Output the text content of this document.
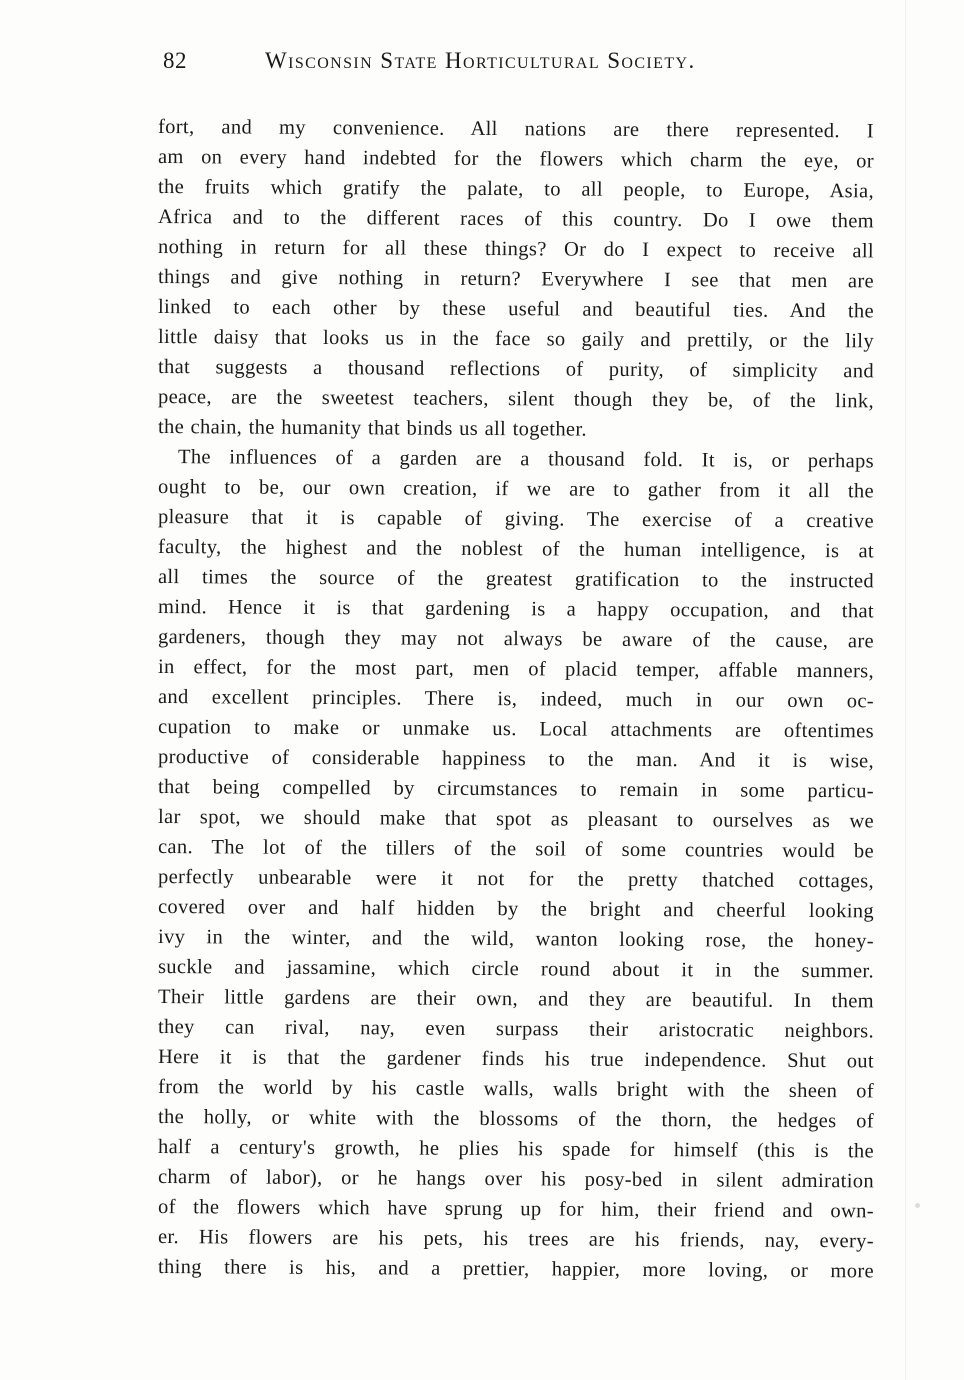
82	Wisconsin State Horticultural Society.
fort, and my convenience. All nations are there represented. I
am on every hand indebted for the flowers which charm the eye, or
the fruits which gratify the palate, to all people, to Europe, Asia,
Africa and to the different races of this country. Do I owe them
nothing in return for all these things? Or do I expect to receive all
things and give nothing in return? Everywhere I see that men are
linked to each other by these useful and beautiful ties. And the
little daisy that looks us in the face so gaily and prettily, or the lily
that suggests a thousand reflections of purity, of simplicity and
peace, are the sweetest teachers, silent though they be, of the link,
the chain, the humanity that binds us all together.
The influences of a garden are a thousand fold. It is, or perhaps
ought to be, our own creation, if we are to gather from it all the
pleasure that it is capable of giving. The exercise of a creative
faculty, the highest and the noblest of the human intelligence, is at
all times the source of the greatest gratification to the instructed
mind. Hence it is that gardening is a happy occupation, and that
gardeners, though they may not always be aware of the cause, are
in effect, for the most part, men of placid temper, affable manners,
and excellent principles. There is, indeed, much in our own oc-
cupation to make or unmake us. Local attachments are oftentimes
productive of considerable happiness to the man. And it is wise,
that being compelled by circumstances to remain in some particu-
lar spot, we should make that spot as pleasant to ourselves as we
can. The lot of the tillers of the soil of some countries would be
perfectly unbearable were it not for the pretty thatched cottages,
covered over and half hidden by the bright and cheerful looking
ivy in the winter, and the wild, wanton looking rose, the honey-
suckle and jassamine, which circle round about it in the summer.
Their little gardens are their own, and they are beautiful. In them
they can rival, nay, even surpass their aristocratic neighbors.
Here it is that the gardener finds his true independence. Shut out
from the world by his castle walls, walls bright with the sheen of
the holly, or white with the blossoms of the thorn, the hedges of
half a century's growth, he plies his spade for himself (this is the
charm of labor), or he hangs over his posy-bed in silent admiration
of the flowers which have sprung up for him, their friend and own-
er. His flowers are his pets, his trees are his friends, nay, every-
thing there is his, and a prettier, happier, more loving, or more
